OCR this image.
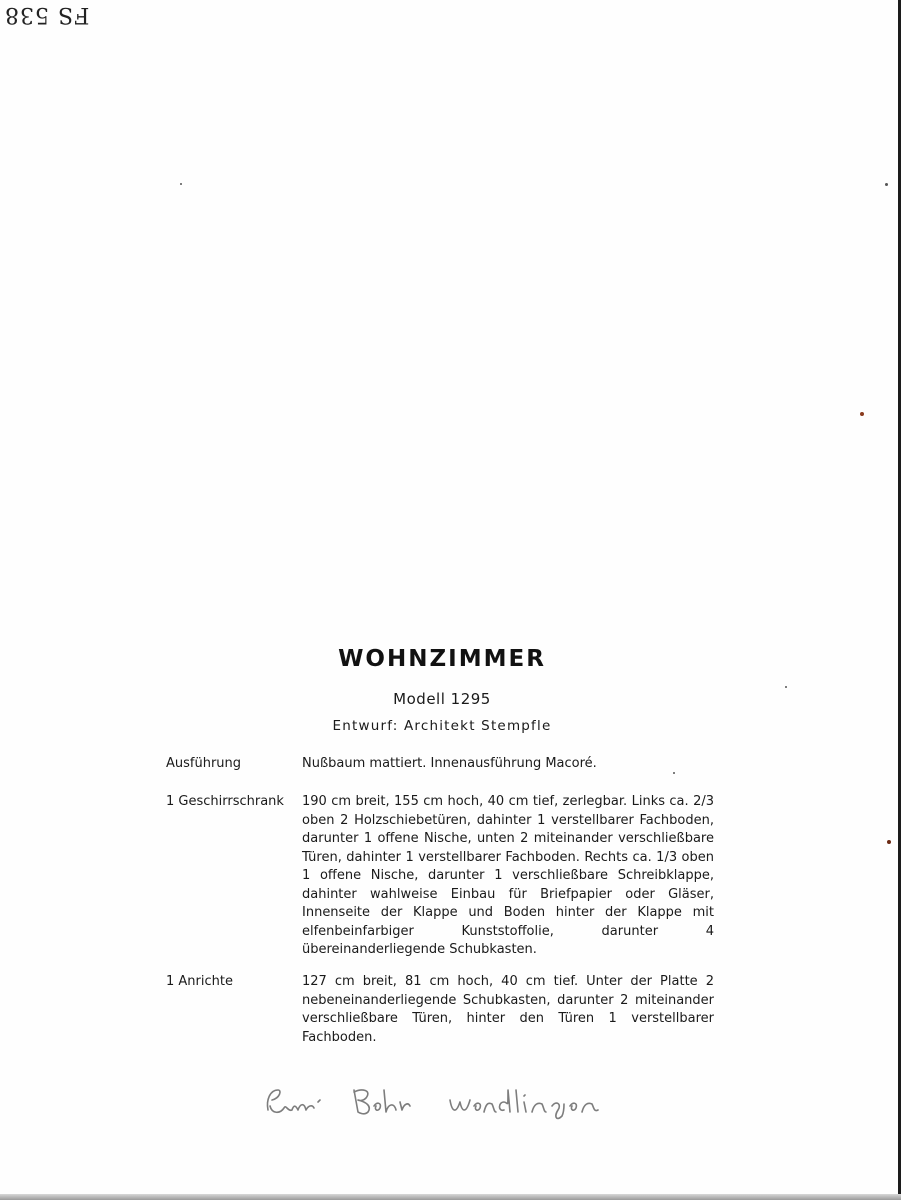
FS 538
WOHNZIMMER
Modell 1295
Entwurf: Architekt Stempfle
Ausführung	Nußbaum mattiert. Innenausführung Macoré.
1 Geschirrschrank 190 cm breit, 155 cm hoch, 40 cm tief, zerlegbar. Links ca. 2/3 oben 2 Holzschiebetüren, dahinter 1 verstellbarer Fachboden, darunter 1 offene Nische, unten 2 miteinander verschließbare Türen, dahinter 1 verstellbarer Fachboden. Rechts ca. 1/3 oben 1 offene Nische, darunter 1 verschließbare Schreibklappe, dahinter wahlweise Einbau für Briefpapier oder Gläser, Innenseite der Klappe und Boden hinter der Klappe mit elfenbeinfarbiger Kunststoffolie, darunter 4 übereinanderliegende Schubkasten.
1 Anrichte	127 cm breit, 81 cm hoch, 40 cm tief. Unter der Platte 2 nebeneinanderliegende Schubkasten, darunter 2 miteinander verschließbare Türen, hinter den Türen 1 verstellbarer Fachboden.
